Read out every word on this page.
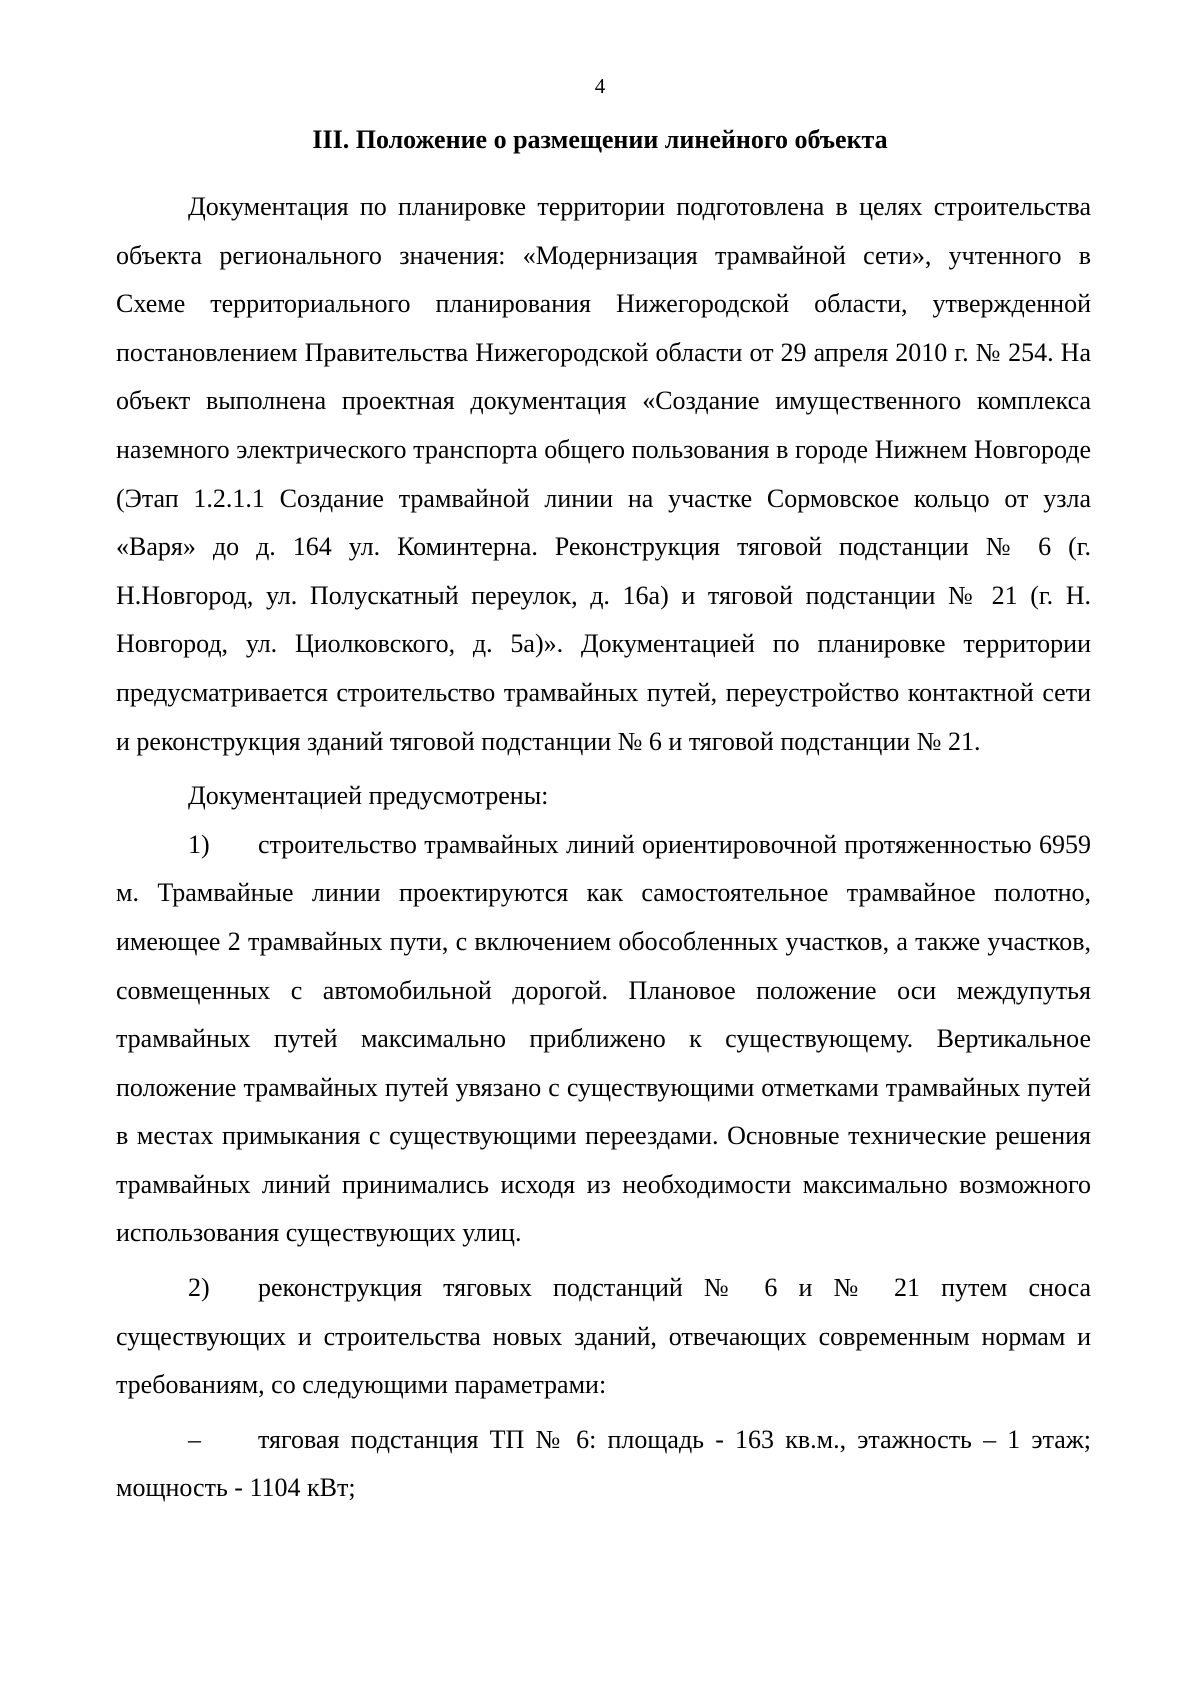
4
III. Положение о размещении линейного объекта

Документация по планировке территории подготовлена в целях строительства объекта регионального значения: «Модернизация трамвайной сети», учтенного в Схеме территориального планирования Нижегородской области, утвержденной постановлением Правительства Нижегородской области от 29 апреля 2010 г. № 254. На объект выполнена проектная документация «Создание имущественного комплекса наземного электрического транспорта общего пользования в городе Нижнем Новгороде (Этап 1.2.1.1 Создание трамвайной линии на участке Сормовское кольцо от узла «Варя» до д. 164 ул. Коминтерна. Реконструкция тяговой подстанции № 6 (г. Н.Новгород, ул. Полускатный переулок, д. 16а) и тяговой подстанции № 21 (г. Н. Новгород, ул. Циолковского, д. 5а)». Документацией по планировке территории предусматривается строительство трамвайных путей, переустройство контактной сети и реконструкция зданий тяговой подстанции № 6 и тяговой подстанции № 21.

Документацией предусмотрены:

1) строительство трамвайных линий ориентировочной протяженностью 6959 м. Трамвайные линии проектируются как самостоятельное трамвайное полотно, имеющее 2 трамвайных пути, с включением обособленных участков, а также участков, совмещенных с автомобильной дорогой. Плановое положение оси междупутья трамвайных путей максимально приближено к существующему. Вертикальное положение трамвайных путей увязано с существующими отметками трамвайных путей в местах примыкания с существующими переездами. Основные технические решения трамвайных линий принимались исходя из необходимости максимально возможного использования существующих улиц.

2) реконструкция тяговых подстанций № 6 и № 21 путем сноса существующих и строительства новых зданий, отвечающих современным нормам и требованиям, со следующими параметрами:

– тяговая подстанция ТП № 6: площадь - 163 кв.м., этажность – 1 этаж; мощность - 1104 кВт;
